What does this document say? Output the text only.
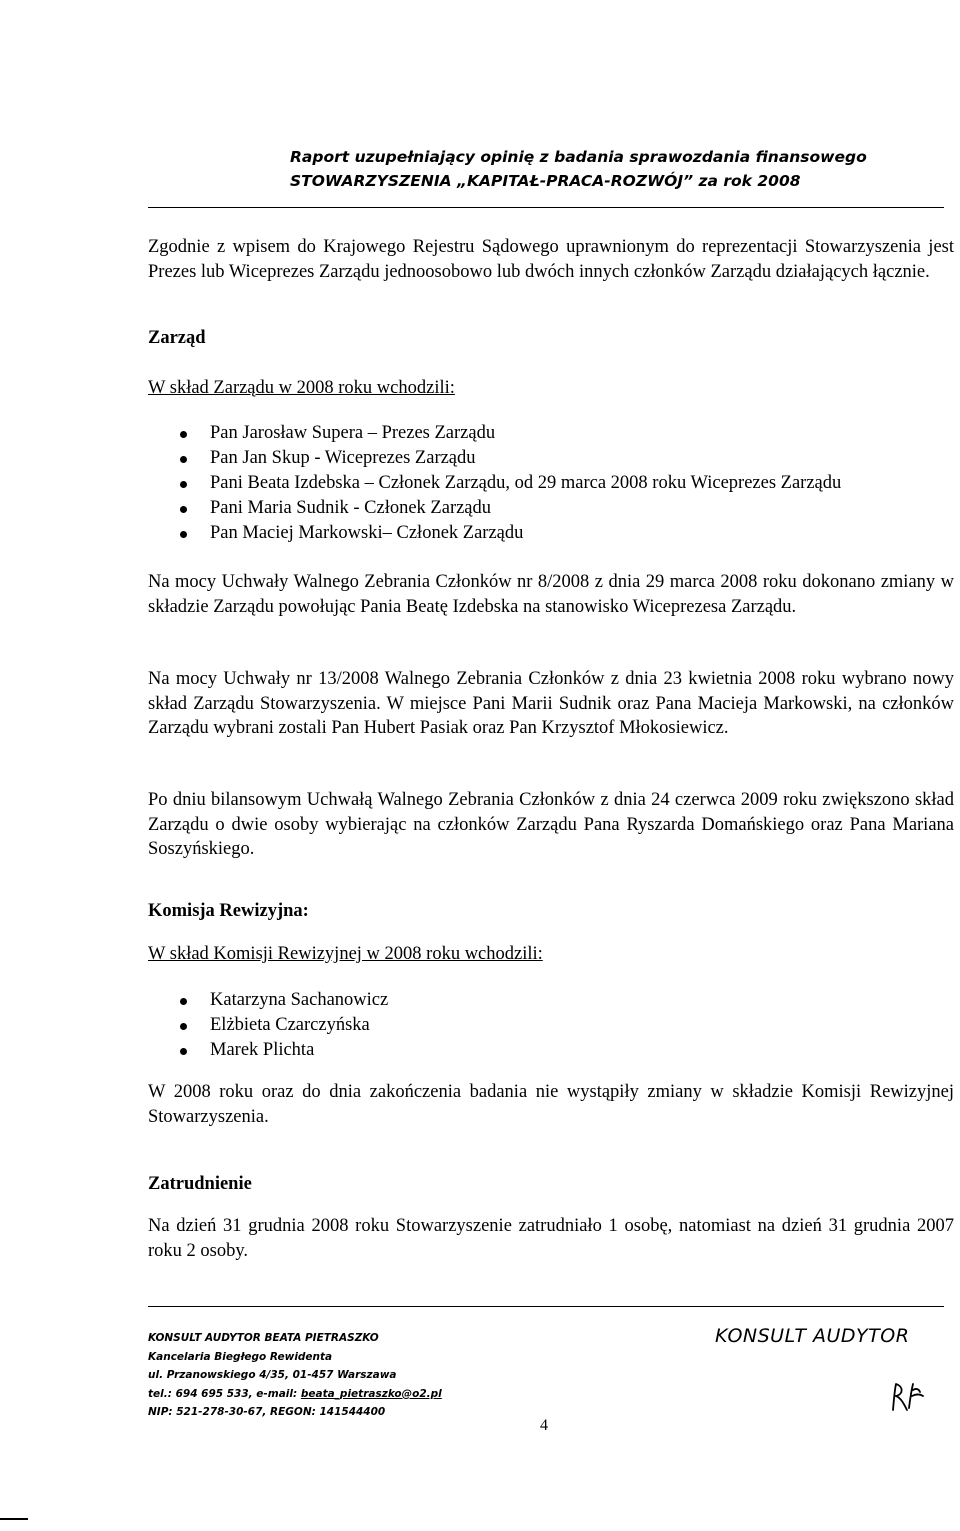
Raport uzupełniający opinię z badania sprawozdania finansowego
STOWARZYSZENIA „KAPITAŁ-PRACA-ROZWÓJ” za rok 2008
Zgodnie z wpisem do Krajowego Rejestru Sądowego uprawnionym do reprezentacji Stowarzyszenia jest Prezes lub Wiceprezes Zarządu jednoosobowo lub dwóch innych członków Zarządu działających łącznie.
Zarząd
W skład Zarządu w 2008 roku wchodzili:
Pan Jarosław Supera – Prezes Zarządu
Pan Jan Skup - Wiceprezes Zarządu
Pani Beata Izdebska – Członek Zarządu, od 29 marca 2008 roku Wiceprezes Zarządu
Pani Maria Sudnik - Członek Zarządu
Pan Maciej Markowski– Członek Zarządu
Na mocy Uchwały Walnego Zebrania Członków nr 8/2008 z dnia 29 marca 2008 roku dokonano zmiany w składzie Zarządu powołując Pania Beatę Izdebska na stanowisko Wiceprezesa Zarządu.
Na mocy Uchwały nr 13/2008 Walnego Zebrania Członków z dnia 23 kwietnia 2008 roku wybrano nowy skład Zarządu Stowarzyszenia. W miejsce Pani Marii Sudnik oraz Pana Macieja Markowski, na członków Zarządu wybrani zostali Pan Hubert Pasiak oraz Pan Krzysztof Młokosiewicz.
Po dniu bilansowym Uchwałą Walnego Zebrania Członków z dnia 24 czerwca 2009 roku zwiększono skład Zarządu o dwie osoby wybierając na członków Zarządu Pana Ryszarda Domańskiego oraz Pana Mariana Soszyńskiego.
Komisja Rewizyjna:
W skład Komisji Rewizyjnej w 2008 roku wchodzili:
Katarzyna Sachanowicz
Elżbieta Czarczyńska
Marek Plichta
W 2008 roku oraz do dnia zakończenia badania nie wystąpiły zmiany w składzie Komisji Rewizyjnej Stowarzyszenia.
Zatrudnienie
Na dzień 31 grudnia 2008 roku Stowarzyszenie zatrudniało 1 osobę, natomiast na dzień 31 grudnia 2007 roku 2 osoby.
KONSULT AUDYTOR BEATA PIETRASZKO
Kancelaria Biegłego Rewidenta
ul. Przanowskiego 4/35, 01-457 Warszawa
tel.: 694 695 533, e-mail: beata_pietraszko@o2.pl
NIP: 521-278-30-67, REGON: 141544400
KONSULT AUDYTOR
4
